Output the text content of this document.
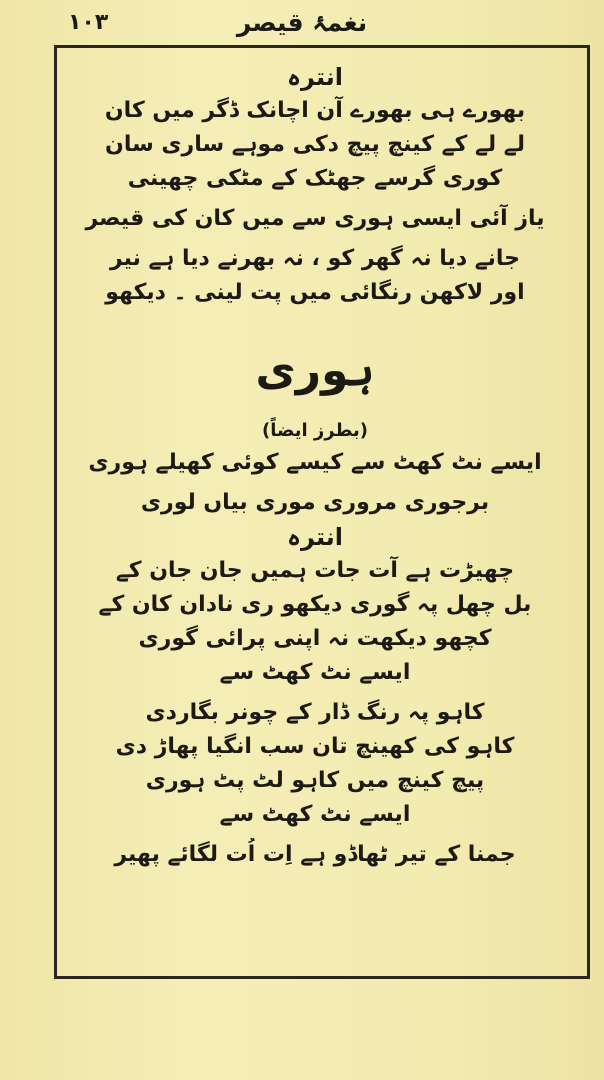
۱۰۳	نغمۂ قیصر

انترہ

بھورے ہی بھورے آن اچانک ڈگر میں کان

لے لے کے کینچ پیچ دکی موہے ساری سان

کوری گرسے جھٹک کے مٹکی چھینی

یاز آئی ایسی ہوری سے میں کان کی قیصر

جانے دیا نہ گھر کو ، نہ بھرنے دیا ہے نیر

اور لاکھن رنگائی میں پت لینی ۔ دیکھو

ہوری

(بطرز ایضاً)

ایسے نٹ کھٹ سے کیسے کوئی کھیلے ہوری

برجوری مروری موری بیاں لوری

انترہ

چھیڑت ہے آت جات ہمیں جان جان کے

بل چھل پہ گوری دیکھو ری نادان کان کے

کچھو دیکھت نہ اپنی پرائی گوری

ایسے نٹ کھٹ سے

کاہو پہ رنگ ڈار کے چونر بگاردی

کاہو کی کھینچ تان سب انگیا پھاڑ دی

پیچ کینچ میں کاہو لٹ پٹ ہوری

ایسے نٹ کھٹ سے

جمنا کے تیر ٹھاڈو ہے اِت اُت لگائے پھیر
